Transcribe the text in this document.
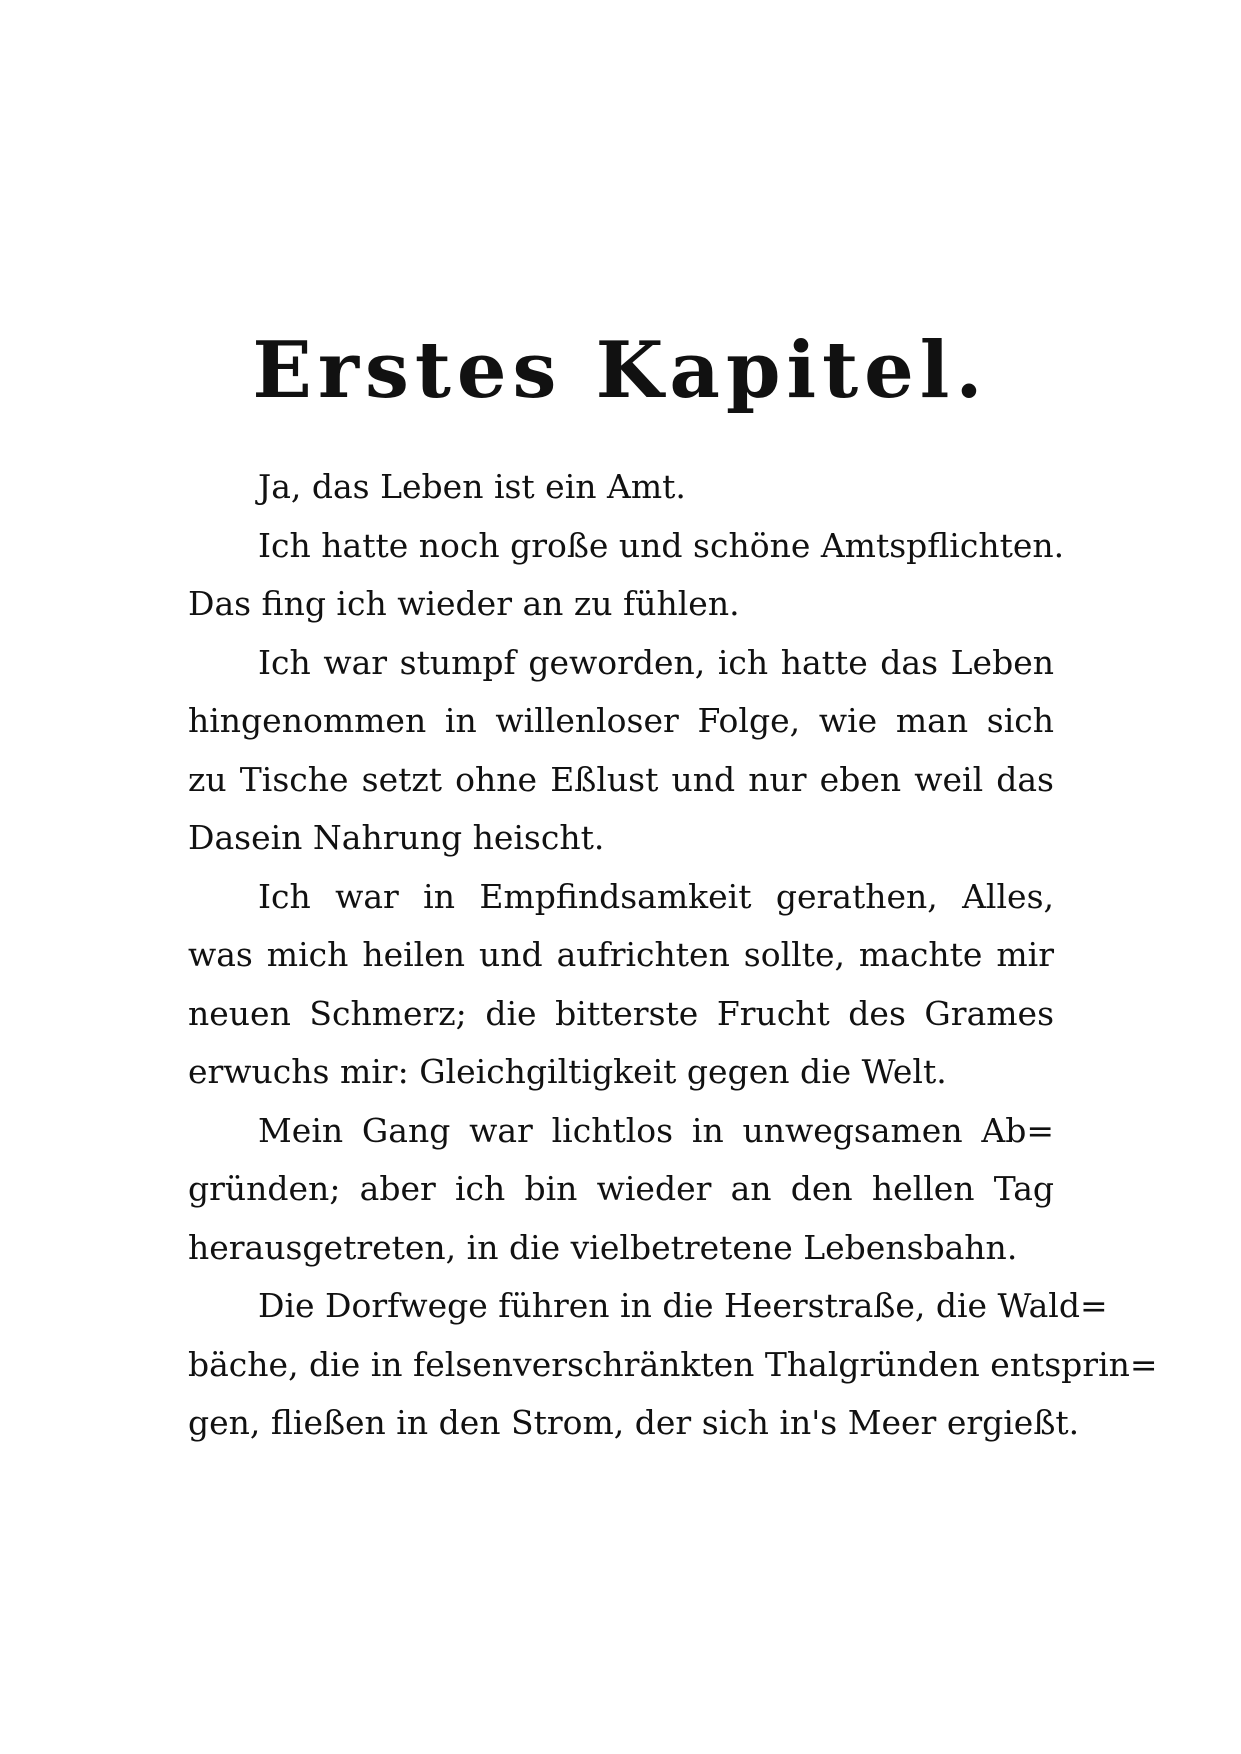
Erstes Kapitel.
Ja, das Leben ist ein Amt.
Ich hatte noch große und schöne Amtspflichten.
Das fing ich wieder an zu fühlen.
Ich war stumpf geworden, ich hatte das Leben
hingenommen in willenloser Folge, wie man sich
zu Tische setzt ohne Eßlust und nur eben weil das
Dasein Nahrung heischt.
Ich war in Empfindsamkeit gerathen, Alles,
was mich heilen und aufrichten sollte, machte mir
neuen Schmerz; die bitterste Frucht des Grames
erwuchs mir: Gleichgiltigkeit gegen die Welt.
Mein Gang war lichtlos in unwegsamen Ab=
gründen; aber ich bin wieder an den hellen Tag
herausgetreten, in die vielbetretene Lebensbahn.
Die Dorfwege führen in die Heerstraße, die Wald=
bäche, die in felsenverschränkten Thalgründen entsprin=
gen, fließen in den Strom, der sich in's Meer ergießt.
